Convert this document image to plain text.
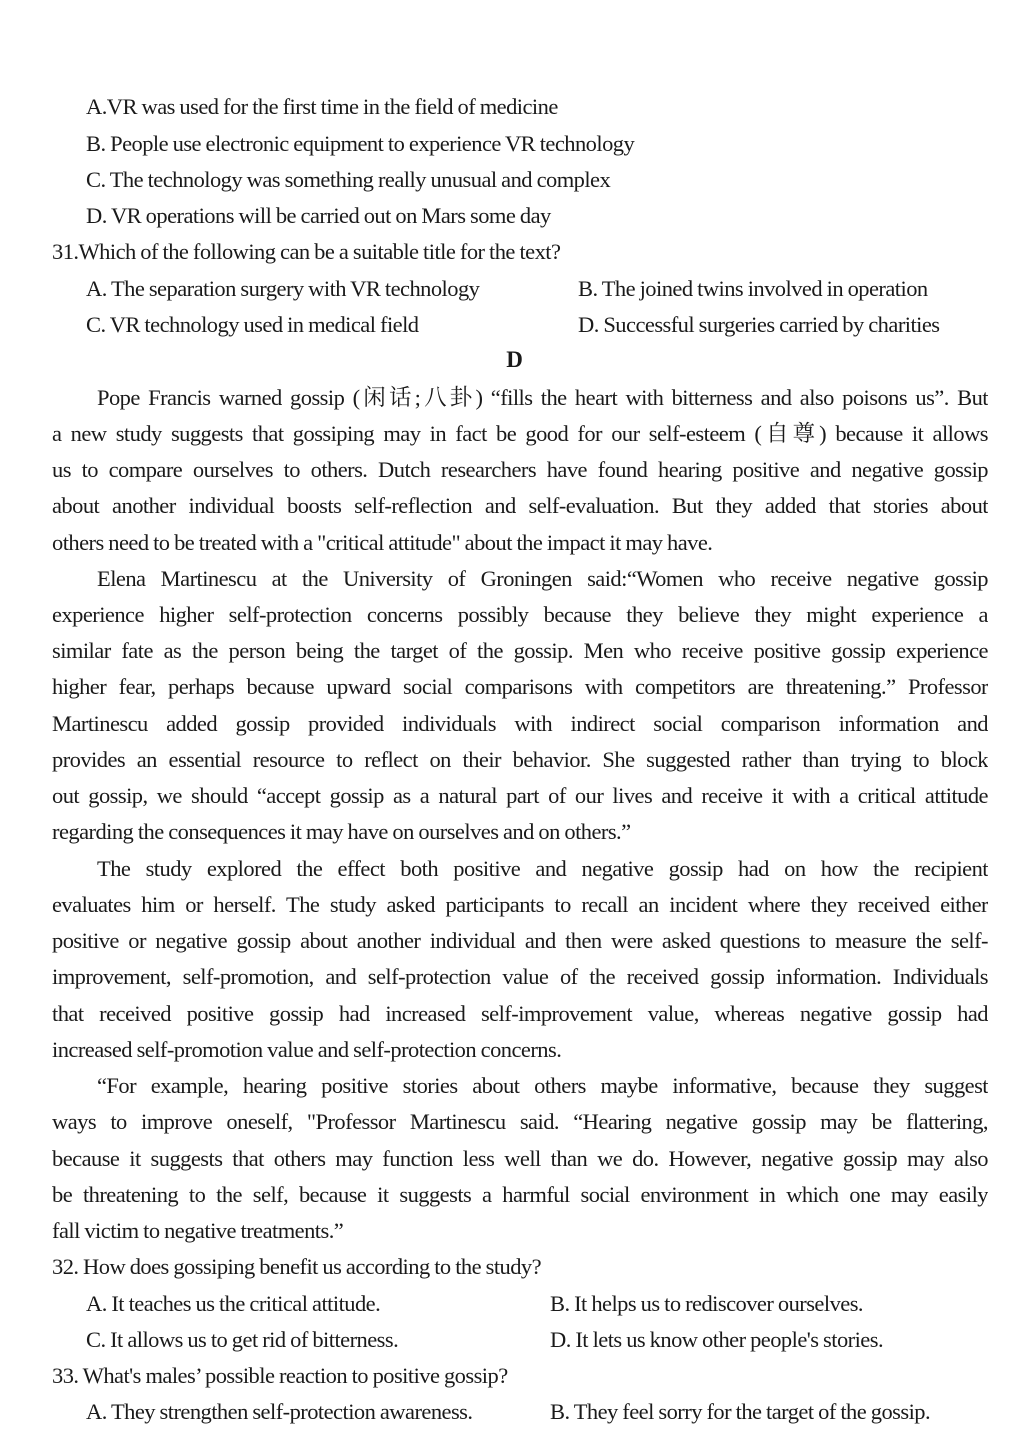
A.VR was used for the first time in the field of medicine
B. People use electronic equipment to experience VR technology
C. The technology was something really unusual and complex
D. VR operations will be carried out on Mars some day
31.Which of the following can be a suitable title for the text?
A. The separation surgery with VR technology	B. The joined twins involved in operation
C. VR technology used in medical field	D. Successful surgeries carried by charities
D
Pope Francis warned gossip (闲话;八卦) “fills the heart with bitterness and also poisons us”. But
a new study suggests that gossiping may in fact be good for our self-esteem (自尊) because it allows
us to compare ourselves to others. Dutch researchers have found hearing positive and negative gossip
about another individual boosts self-reflection and self-evaluation. But they added that stories about
others need to be treated with a "critical attitude" about the impact it may have.
Elena Martinescu at the University of Groningen said:“Women who receive negative gossip
experience higher self-protection concerns possibly because they believe they might experience a
similar fate as the person being the target of the gossip. Men who receive positive gossip experience
higher fear, perhaps because upward social comparisons with competitors are threatening.” Professor
Martinescu added gossip provided individuals with indirect social comparison information and
provides an essential resource to reflect on their behavior. She suggested rather than trying to block
out gossip, we should “accept gossip as a natural part of our lives and receive it with a critical attitude
regarding the consequences it may have on ourselves and on others.”
The study explored the effect both positive and negative gossip had on how the recipient
evaluates him or herself. The study asked participants to recall an incident where they received either
positive or negative gossip about another individual and then were asked questions to measure the self-
improvement, self-promotion, and self-protection value of the received gossip information. Individuals
that received positive gossip had increased self-improvement value, whereas negative gossip had
increased self-promotion value and self-protection concerns.
“For example, hearing positive stories about others maybe informative, because they suggest
ways to improve oneself, "Professor Martinescu said. “Hearing negative gossip may be flattering,
because it suggests that others may function less well than we do. However, negative gossip may also
be threatening to the self, because it suggests a harmful social environment in which one may easily
fall victim to negative treatments.”
32. How does gossiping benefit us according to the study?
A. It teaches us the critical attitude.	B. It helps us to rediscover ourselves.
C. It allows us to get rid of bitterness.	D. It lets us know other people's stories.
33. What's males’ possible reaction to positive gossip?
A. They strengthen self-protection awareness.	B. They feel sorry for the target of the gossip.
